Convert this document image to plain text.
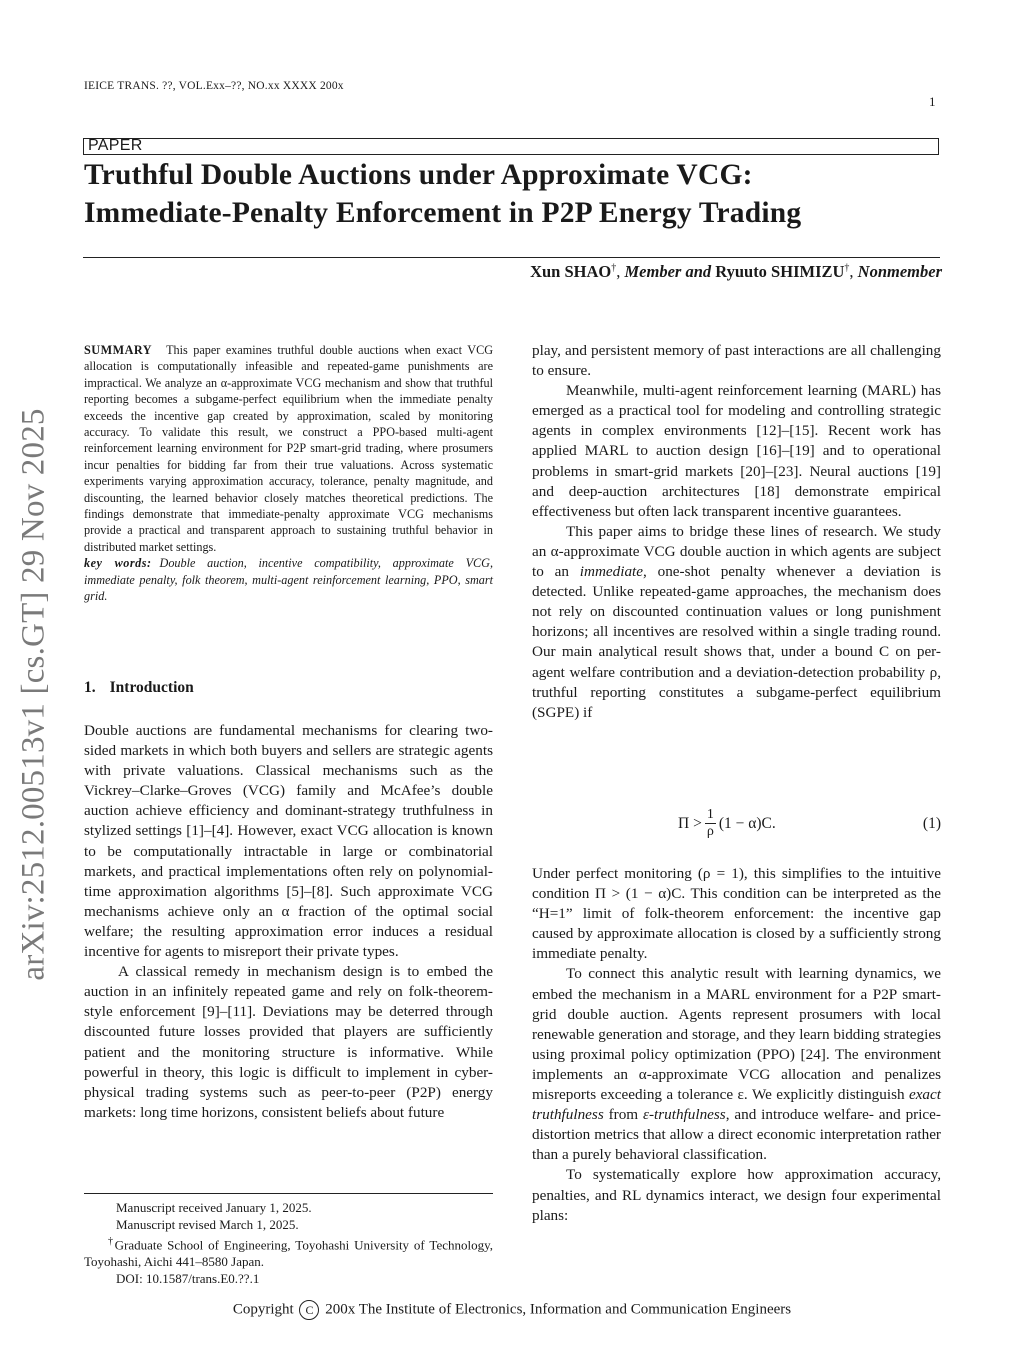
IEICE TRANS. ??, VOL.Exx–??, NO.xx XXXX 200x
1
PAPER
Truthful Double Auctions under Approximate VCG:
Immediate-Penalty Enforcement in P2P Energy Trading
Xun SHAO†, Member and Ryuuto SHIMIZU†, Nonmember
arXiv:2512.00513v1 [cs.GT] 29 Nov 2025
SUMMARY This paper examines truthful double auctions when exact VCG allocation is computationally infeasible and repeated-game punishments are impractical. We analyze an α-approximate VCG mechanism and show that truthful reporting becomes a subgame-perfect equilibrium when the immediate penalty exceeds the incentive gap created by approximation, scaled by monitoring accuracy. To validate this result, we construct a PPO-based multi-agent reinforcement learning environment for P2P smart-grid trading, where prosumers incur penalties for bidding far from their true valuations. Across systematic experiments varying approximation accuracy, tolerance, penalty magnitude, and discounting, the learned behavior closely matches theoretical predictions. The findings demonstrate that immediate-penalty approximate VCG mechanisms provide a practical and transparent approach to sustaining truthful behavior in distributed market settings.
key words: Double auction, incentive compatibility, approximate VCG, immediate penalty, folk theorem, multi-agent reinforcement learning, PPO, smart grid.
1. Introduction

Double auctions are fundamental mechanisms for clearing two-sided markets in which both buyers and sellers are strategic agents with private valuations. Classical mechanisms such as the Vickrey–Clarke–Groves (VCG) family and McAfee’s double auction achieve efficiency and dominant-strategy truthfulness in stylized settings [1]–[4]. However, exact VCG allocation is known to be computationally intractable in large or combinatorial markets, and practical implementations often rely on polynomial-time approximation algorithms [5]–[8]. Such approximate VCG mechanisms achieve only an α fraction of the optimal social welfare; the resulting approximation error induces a residual incentive for agents to misreport their private types.

A classical remedy in mechanism design is to embed the auction in an infinitely repeated game and rely on folk-theorem-style enforcement [9]–[11]. Deviations may be deterred through discounted future losses provided that players are sufficiently patient and the monitoring structure is informative. While powerful in theory, this logic is difficult to implement in cyber-physical trading systems such as peer-to-peer (P2P) energy markets: long time horizons, consistent beliefs about future

Manuscript received January 1, 2025.
Manuscript revised March 1, 2025.
†Graduate School of Engineering, Toyohashi University of Technology, Toyohashi, Aichi 441–8580 Japan.
DOI: 10.1587/trans.E0.??.1

play, and persistent memory of past interactions are all challenging to ensure.

Meanwhile, multi-agent reinforcement learning (MARL) has emerged as a practical tool for modeling and controlling strategic agents in complex environments [12]–[15]. Recent work has applied MARL to auction design [16]–[19] and to operational problems in smart-grid markets [20]–[23]. Neural auctions [19] and deep-auction architectures [18] demonstrate empirical effectiveness but often lack transparent incentive guarantees.

This paper aims to bridge these lines of research. We study an α-approximate VCG double auction in which agents are subject to an immediate, one-shot penalty whenever a deviation is detected. Unlike repeated-game approaches, the mechanism does not rely on discounted continuation values or long punishment horizons; all incentives are resolved within a single trading round. Our main analytical result shows that, under a bound C on per-agent welfare contribution and a deviation-detection probability ρ, truthful reporting constitutes a subgame-perfect equilibrium (SGPE) if

$\Pi > \frac{1}{\rho} (1 - \alpha)C$.	(1)

Under perfect monitoring (ρ = 1), this simplifies to the intuitive condition Π > (1 − α)C. This condition can be interpreted as the “H=1” limit of folk-theorem enforcement: the incentive gap caused by approximate allocation is closed by a sufficiently strong immediate penalty.

To connect this analytic result with learning dynamics, we embed the mechanism in a MARL environment for a P2P smart-grid double auction. Agents represent prosumers with local renewable generation and storage, and they learn bidding strategies using proximal policy optimization (PPO) [24]. The environment implements an α-approximate VCG allocation and penalizes misreports exceeding a tolerance ε. We explicitly distinguish exact truthfulness from ε-truthfulness, and introduce welfare- and price-distortion metrics that allow a direct economic interpretation rather than a purely behavioral classification.

To systematically explore how approximation accuracy, penalties, and RL dynamics interact, we design four experimental plans:

Copyright C 200x The Institute of Electronics, Information and Communication Engineers
